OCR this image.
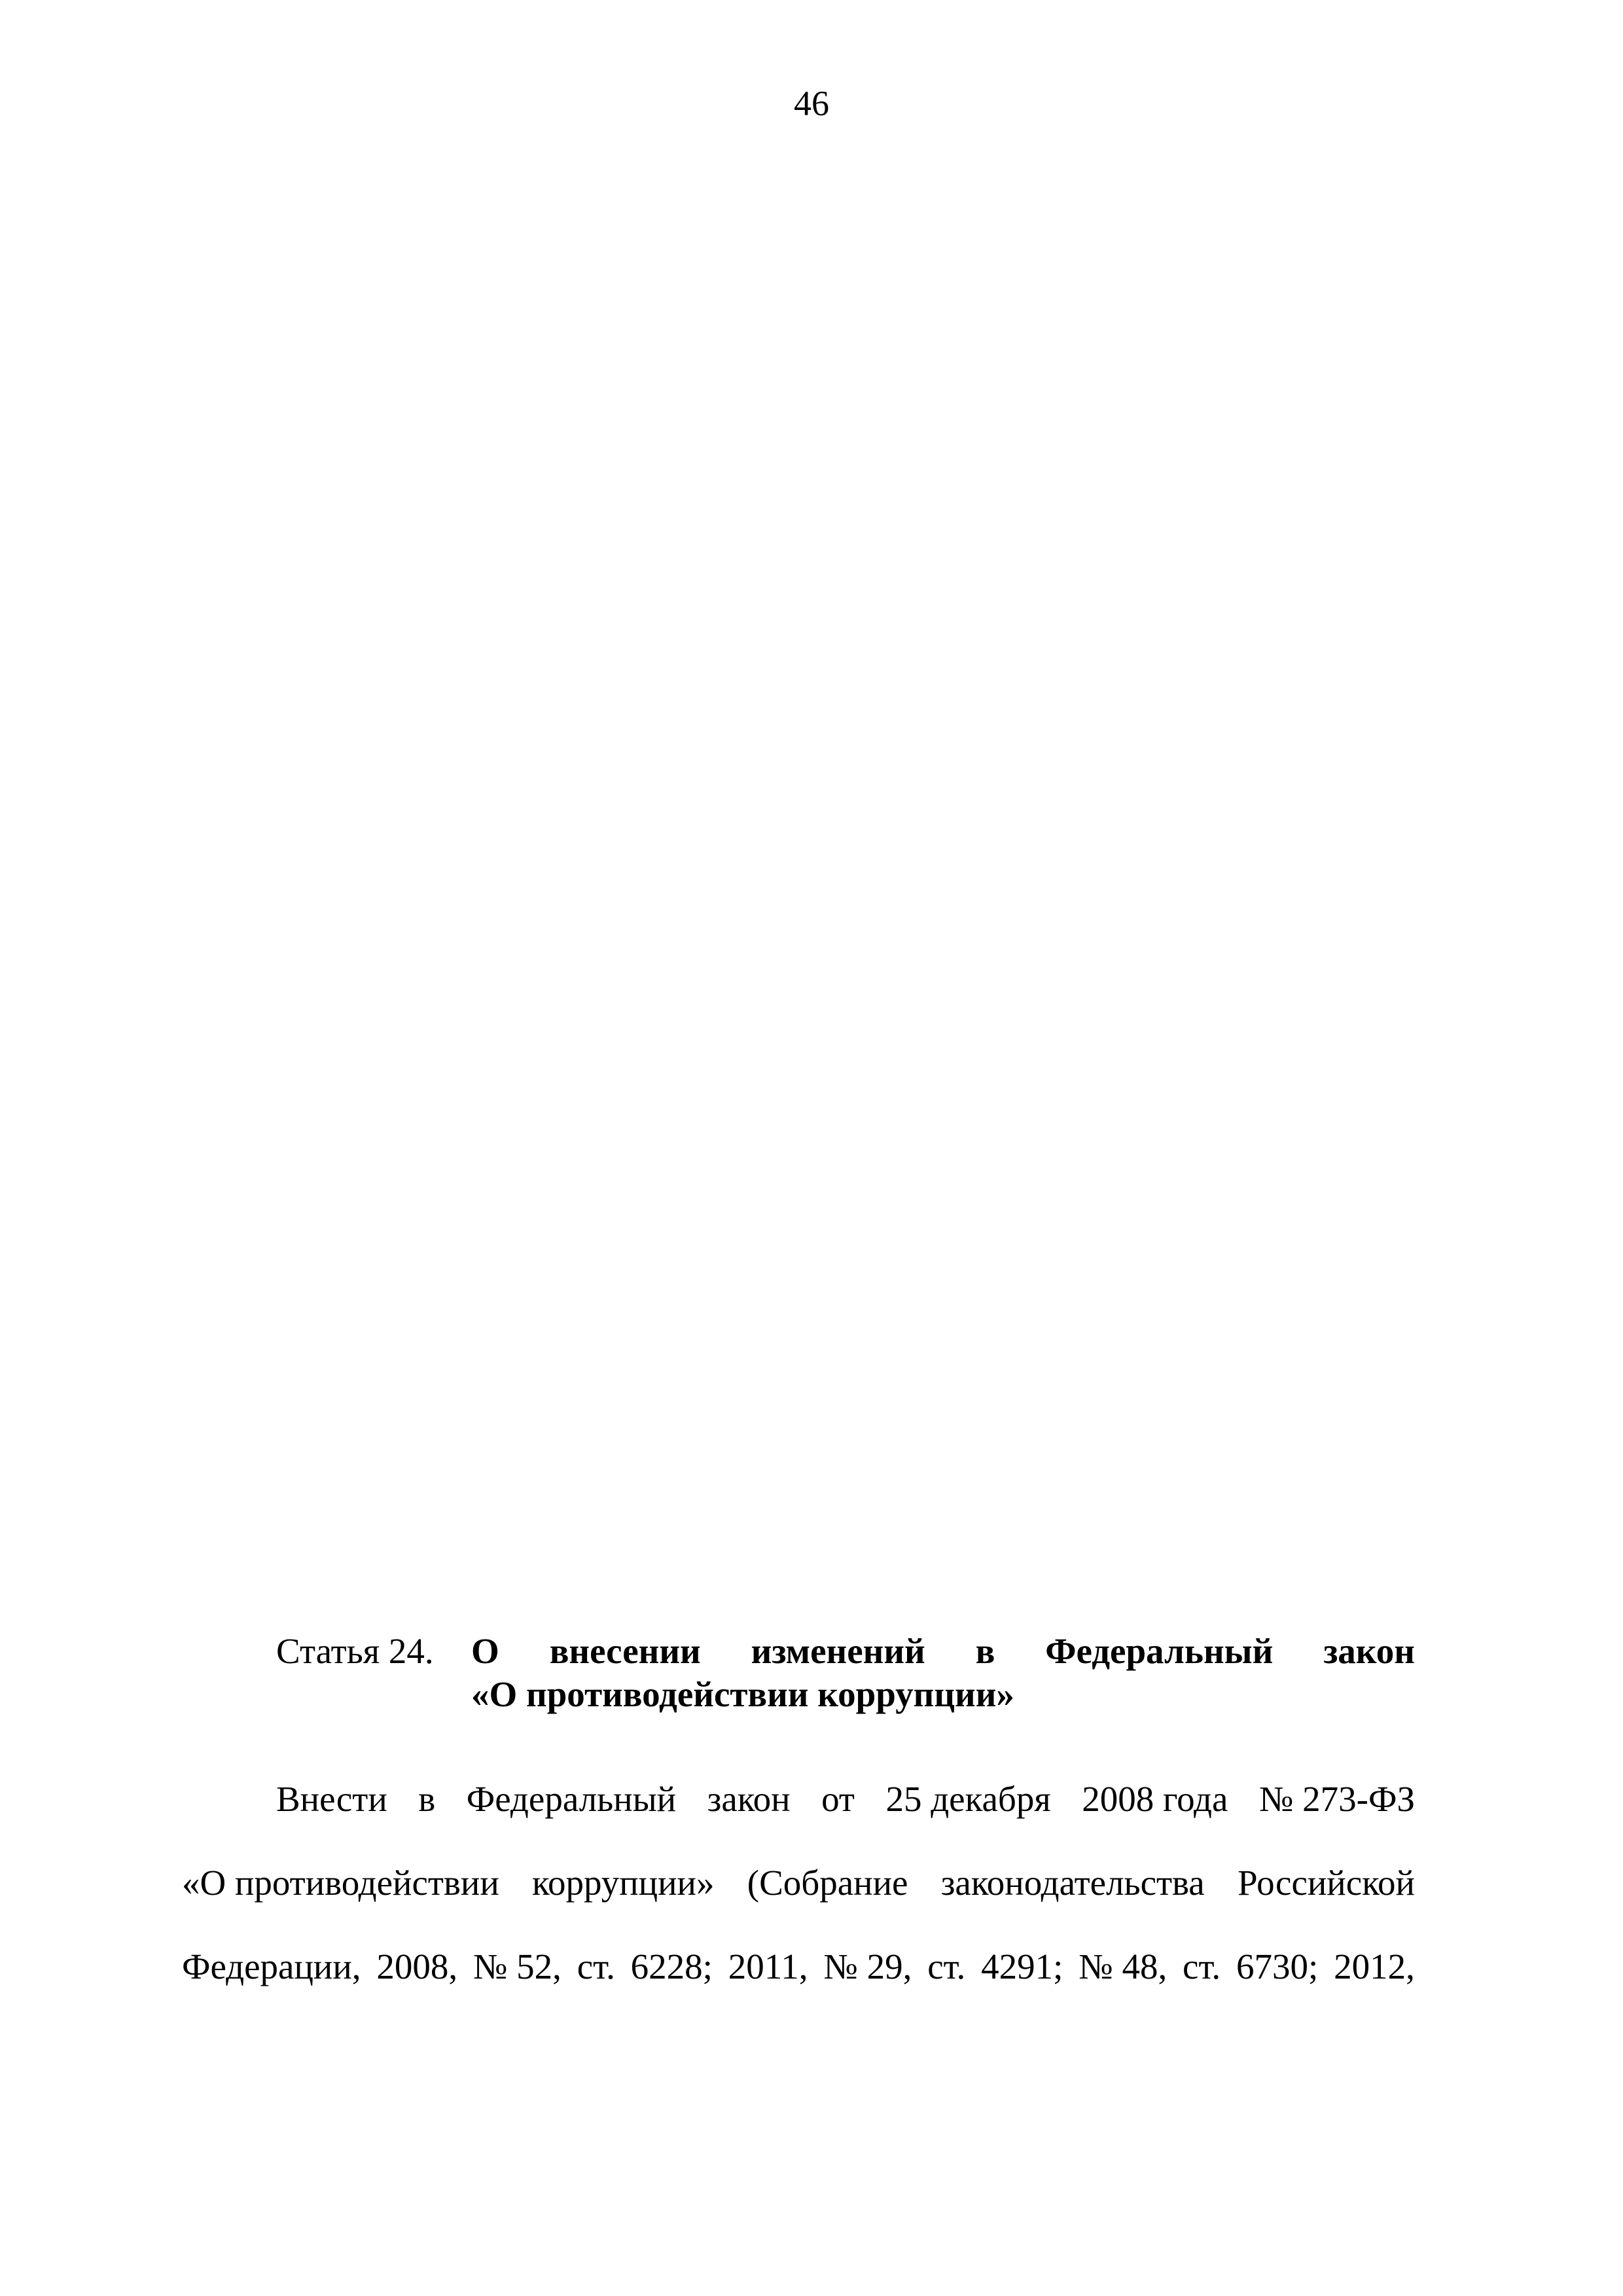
46
Статья 24. О внесении изменений в Федеральный закон
«О противодействии коррупции»
Внести в Федеральный закон от 25 декабря 2008 года № 273-ФЗ
«О противодействии коррупции» (Собрание законодательства Российской
Федерации, 2008, № 52, ст. 6228; 2011, № 29, ст. 4291; № 48, ст. 6730; 2012,
